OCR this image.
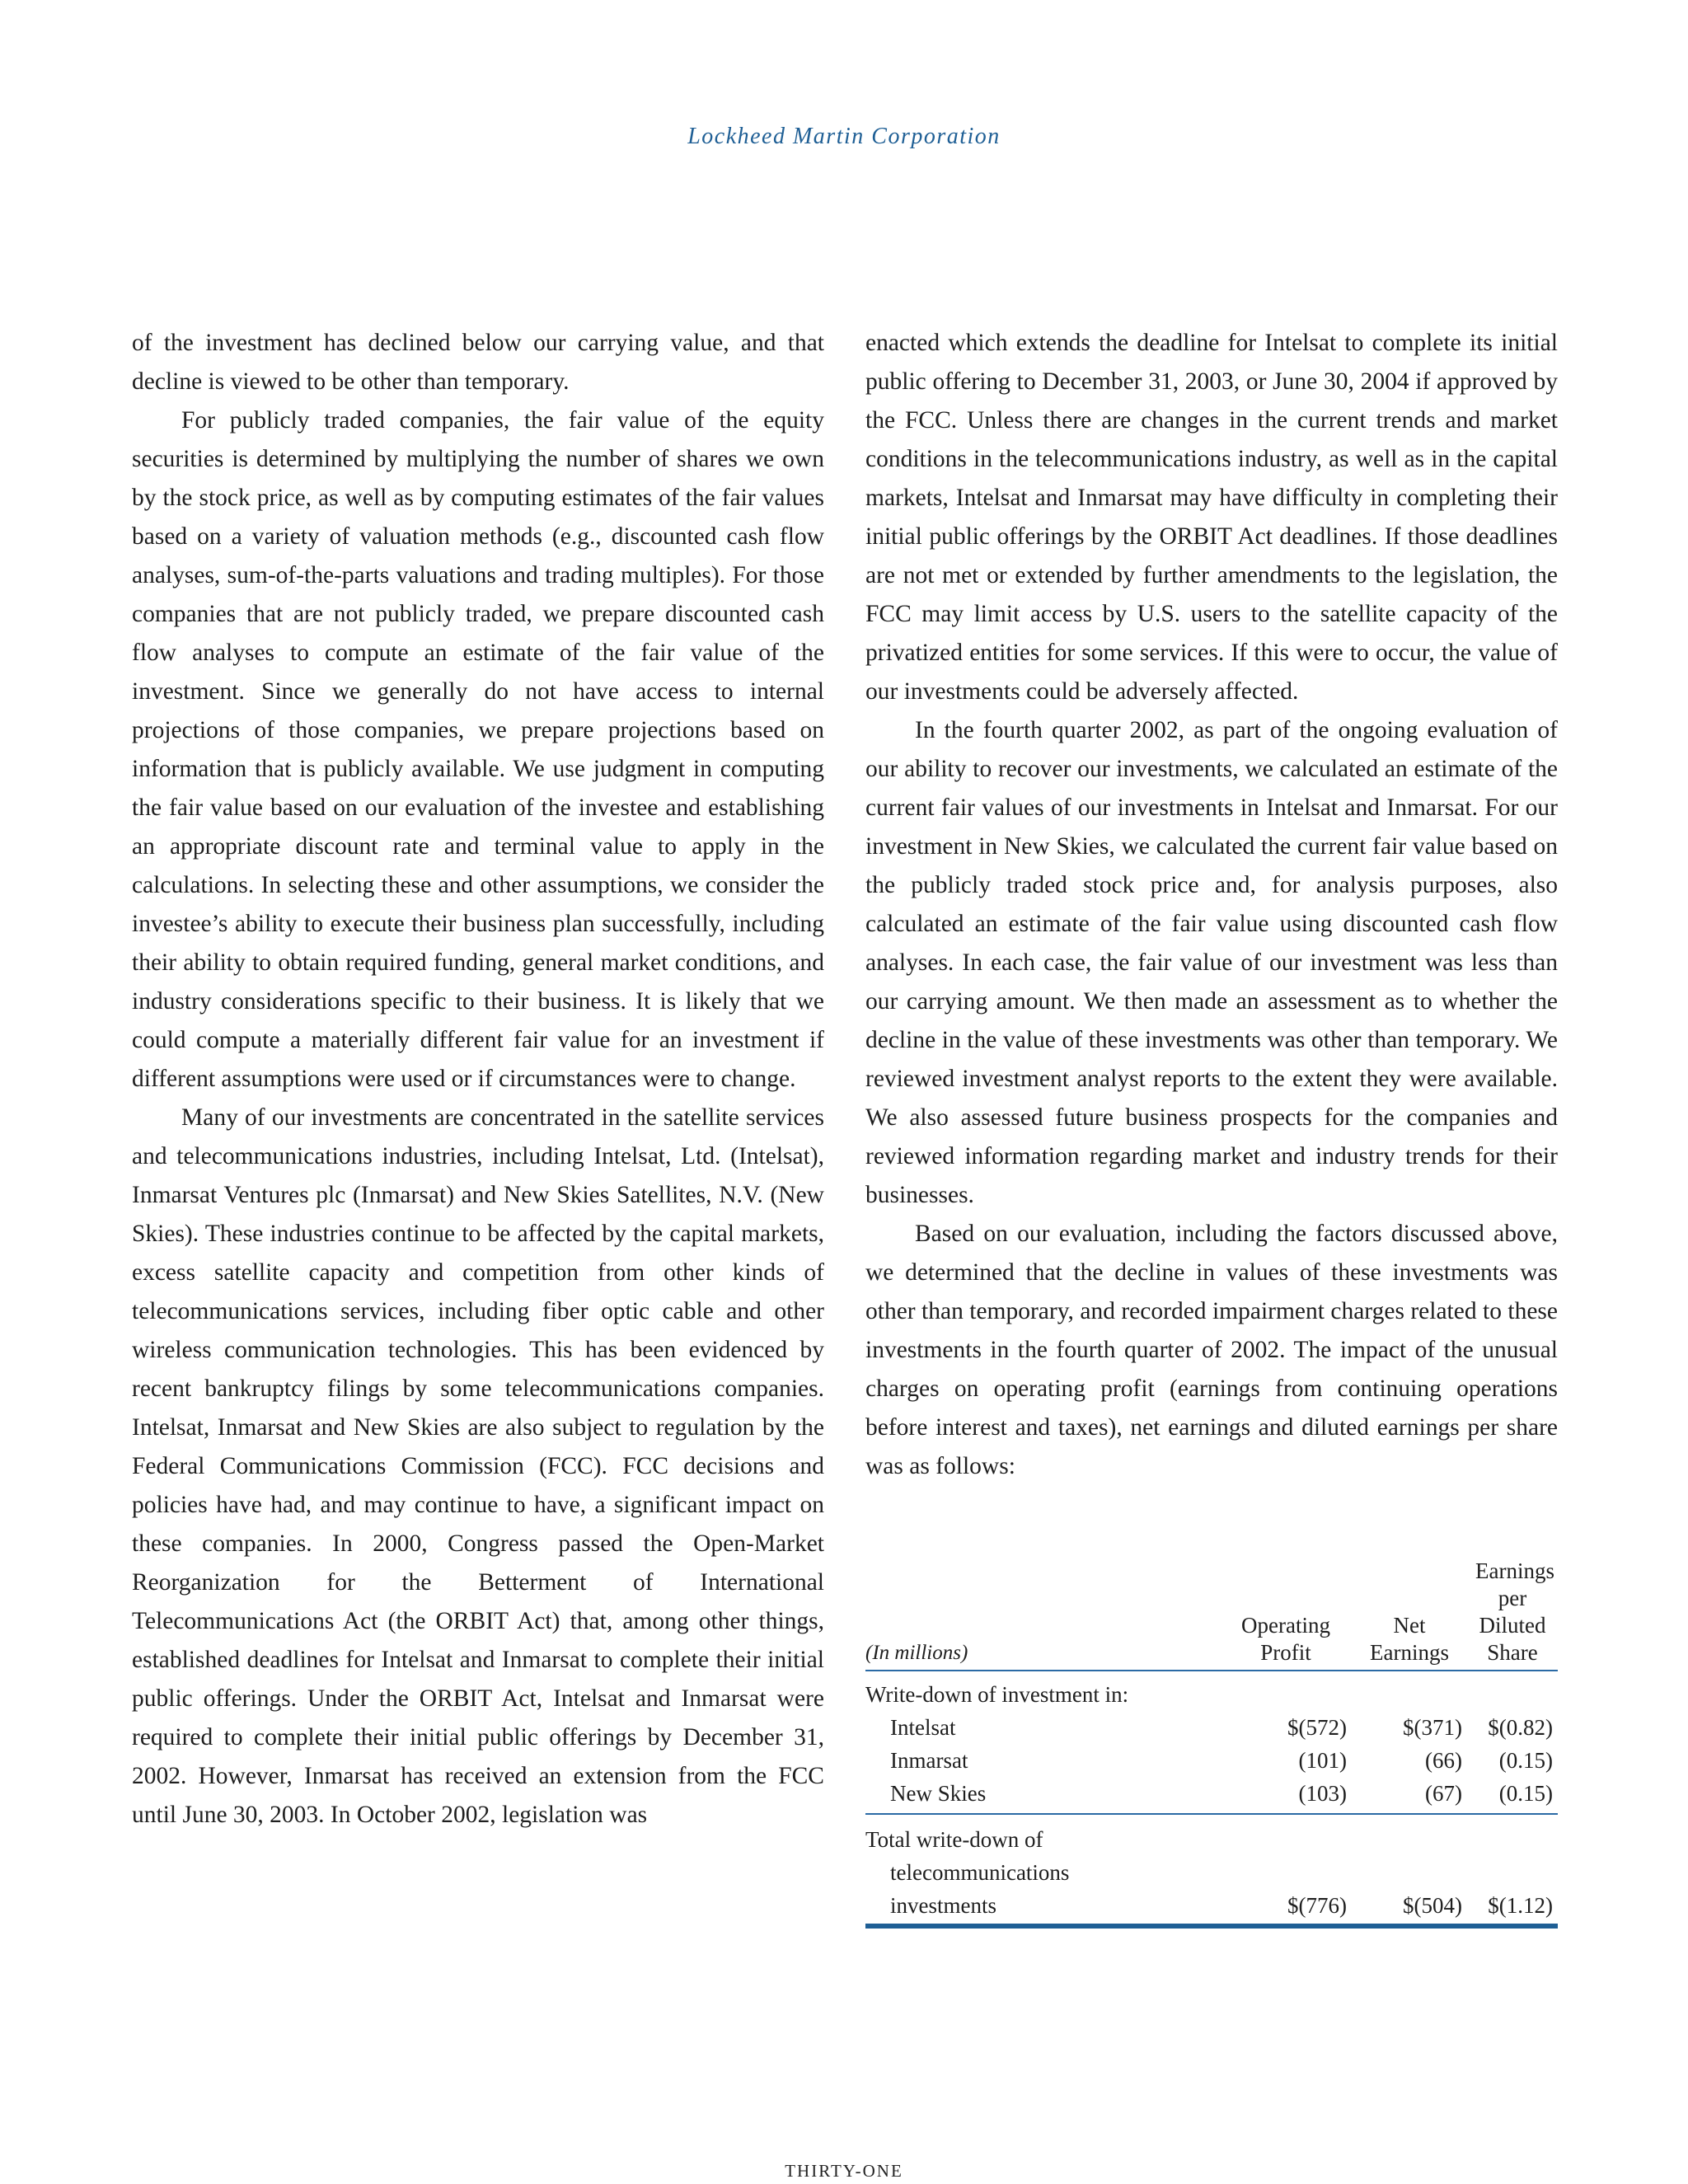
Lockheed Martin Corporation

of the investment has declined below our carrying value, and that decline is viewed to be other than temporary.

For publicly traded companies, the fair value of the equity securities is determined by multiplying the number of shares we own by the stock price, as well as by computing estimates of the fair values based on a variety of valuation methods (e.g., discounted cash flow analyses, sum-of-the-parts valuations and trading multiples). For those companies that are not publicly traded, we prepare discounted cash flow analyses to compute an estimate of the fair value of the investment. Since we generally do not have access to internal projections of those companies, we prepare projections based on information that is publicly available. We use judgment in computing the fair value based on our evaluation of the investee and establishing an appropriate discount rate and terminal value to apply in the calculations. In selecting these and other assumptions, we consider the investee’s ability to execute their business plan successfully, including their ability to obtain required funding, general market conditions, and industry considerations specific to their business. It is likely that we could compute a materially different fair value for an investment if different assumptions were used or if circumstances were to change.

Many of our investments are concentrated in the satellite services and telecommunications industries, including Intelsat, Ltd. (Intelsat), Inmarsat Ventures plc (Inmarsat) and New Skies Satellites, N.V. (New Skies). These industries continue to be affected by the capital markets, excess satellite capacity and competition from other kinds of telecommunications services, including fiber optic cable and other wireless communication technologies. This has been evidenced by recent bankruptcy filings by some telecommunications companies. Intelsat, Inmarsat and New Skies are also subject to regulation by the Federal Communications Commission (FCC). FCC decisions and policies have had, and may continue to have, a significant impact on these companies. In 2000, Congress passed the Open-Market Reorganization for the Betterment of International Telecommunications Act (the ORBIT Act) that, among other things, established deadlines for Intelsat and Inmarsat to complete their initial public offerings. Under the ORBIT Act, Intelsat and Inmarsat were required to complete their initial public offerings by December 31, 2002. However, Inmarsat has received an extension from the FCC until June 30, 2003. In October 2002, legislation was

enacted which extends the deadline for Intelsat to complete its initial public offering to December 31, 2003, or June 30, 2004 if approved by the FCC. Unless there are changes in the current trends and market conditions in the telecommunications industry, as well as in the capital markets, Intelsat and Inmarsat may have difficulty in completing their initial public offerings by the ORBIT Act deadlines. If those deadlines are not met or extended by further amendments to the legislation, the FCC may limit access by U.S. users to the satellite capacity of the privatized entities for some services. If this were to occur, the value of our investments could be adversely affected.

In the fourth quarter 2002, as part of the ongoing evaluation of our ability to recover our investments, we calculated an estimate of the current fair values of our investments in Intelsat and Inmarsat. For our investment in New Skies, we calculated the current fair value based on the publicly traded stock price and, for analysis purposes, also calculated an estimate of the fair value using discounted cash flow analyses. In each case, the fair value of our investment was less than our carrying amount. We then made an assessment as to whether the decline in the value of these investments was other than temporary. We reviewed investment analyst reports to the extent they were available. We also assessed future business prospects for the companies and reviewed information regarding market and industry trends for their businesses.

Based on our evaluation, including the factors discussed above, we determined that the decline in values of these investments was other than temporary, and recorded impairment charges related to these investments in the fourth quarter of 2002. The impact of the unusual charges on operating profit (earnings from continuing operations before interest and taxes), net earnings and diluted earnings per share was as follows:

(In millions)	Operating Profit	Net Earnings	Earnings per Diluted Share
Write-down of investment in:			
Intelsat	$(572)	$(371)	$(0.82)
Inmarsat	(101)	(66)	(0.15)
New Skies	(103)	(67)	(0.15)
Total write-down of			
telecommunications			
investments	$(776)	$(504)	$(1.12)
THIRTY-ONE
